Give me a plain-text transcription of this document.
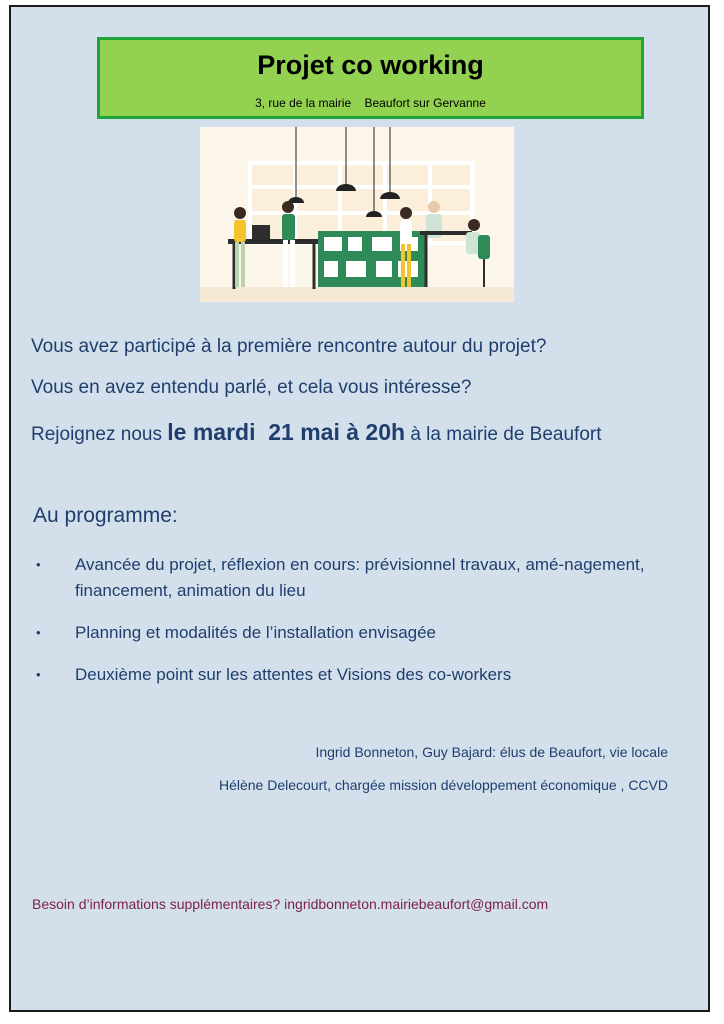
Projet co working
3, rue de la mairie    Beaufort sur Gervanne
Vous avez participé à la première rencontre autour du projet?
Vous en avez entendu parlé, et cela vous intéresse?
Rejoignez nous le mardi  21 mai à 20h à la mairie de Beaufort
Au programme:
• Avancée du projet, réflexion en cours: prévisionnel travaux, amé-nagement, financement, animation du lieu
• Planning et modalités de l’installation envisagée
• Deuxième point sur les attentes et Visions des co-workers
Ingrid Bonneton, Guy Bajard: élus de Beaufort, vie locale
Hélène Delecourt, chargée mission développement économique , CCVD
Besoin d’informations supplémentaires? ingridbonneton.mairiebeaufort@gmail.com
